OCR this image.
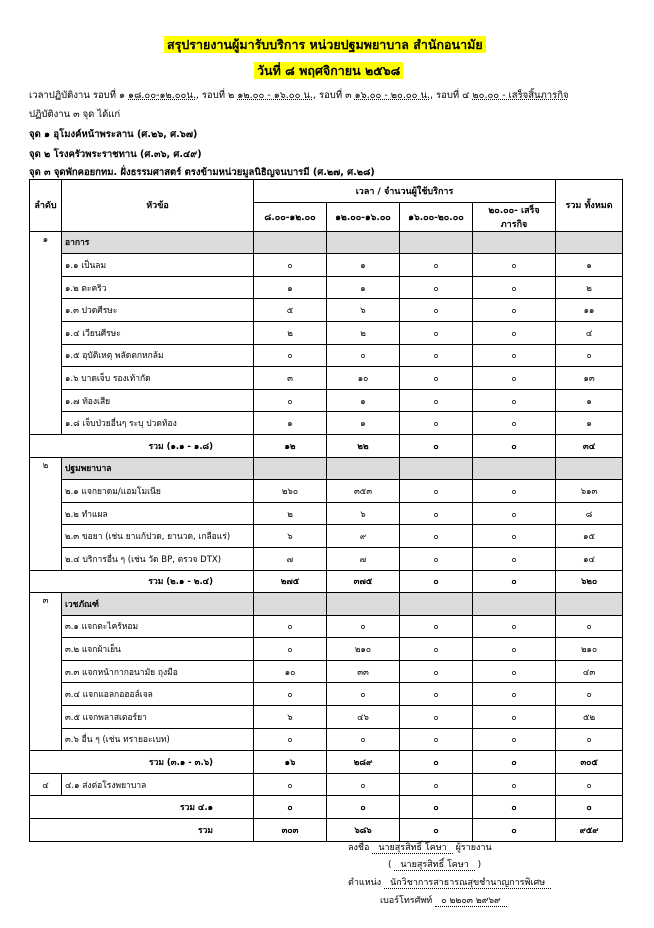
สรุปรายงานผู้มารับบริการ หน่วยปฐมพยาบาล สำนักอนามัย
วันที่ ๘ พฤศจิกายน ๒๕๖๘
เวลาปฏิบัติงาน รอบที่ ๑ ๑๘.๐๐-๑๒.๐๐น., รอบที่ ๒ ๑๒.๐๐ - ๑๖.๐๐ น., รอบที่ ๓ ๑๖.๐๐ - ๒๐.๐๐ น., รอบที่ ๔ ๒๐.๐๐ - เสร็จสิ้นภารกิจ
ปฏิบัติงาน ๓ จุด ได้แก่
จุด ๑ อุโมงค์หน้าพระลาน (ศ.๒๖, ศ.๖๗)
จุด ๒ โรงครัวพระราชทาน (ศ.๓๖, ศ.๔๙)
จุด ๓ จุดพักคอยกทม. ฝั่งธรรมศาสตร์ ตรงข้ามหน่วยมูลนิธิญจนบารมี (ศ.๒๗, ศ.๒๘)
ลำดับ	หัวข้อ	เวลา / จำนวนผู้ใช้บริการ				รวม ทั้งหมด
		๘.๐๐-๑๒.๐๐	๑๒.๐๐-๑๖.๐๐	๑๖.๐๐-๒๐.๐๐	๒๐.๐๐- เสร็จภารกิจ	
๑	อาการ					
	๑.๑ เป็นลม	๐	๑	๐	๐	๑
	๑.๒ ตะคริว	๑	๑	๐	๐	๒
	๑.๓ ปวดศีรษะ	๕	๖	๐	๐	๑๑
	๑.๔ เวียนศีรษะ	๒	๒	๐	๐	๔
	๑.๕ อุบัติเหตุ พลัดตกหกล้ม	๐	๐	๐	๐	๐
	๑.๖ บาดเจ็บ รองเท้ากัด	๓	๑๐	๐	๐	๑๓
	๑.๗ ท้องเสีย	๐	๑	๐	๐	๑
	๑.๘ เจ็บป่วยอื่นๆ ระบุ ปวดท้อง	๑	๑	๐	๐	๑
รวม (๑.๑ - ๑.๘)		๑๒	๒๒	๐	๐	๓๔
๒	ปฐมพยาบาล					
	๒.๑ แจกยาดม/แอมโมเนีย	๒๖๐	๓๕๓	๐	๐	๖๑๓
	๒.๒ ทำแผล	๒	๖	๐	๐	๘
	๒.๓ ขอยา (เช่น ยาแก้ปวด, ยานวด, เกลือแร่)	๖	๙	๐	๐	๑๕
	๒.๔ บริการอื่น ๆ (เช่น วัด BP, ตรวจ DTX)	๗	๗	๐	๐	๑๔
รวม (๒.๑ - ๒.๔)		๒๗๕	๓๗๕	๐	๐	๖๒๐
๓	เวชภัณฑ์					
	๓.๑ แจกตะไคร้หอม	๐	๐	๐	๐	๐
	๓.๒ แจกผ้าเย็น	๐	๒๑๐	๐	๐	๒๑๐
	๓.๓ แจกหน้ากากอนามัย ถุงมือ	๑๐	๓๓	๐	๐	๔๓
	๓.๔ แจกแอลกอฮอล์เจล	๐	๐	๐	๐	๐
	๓.๕ แจกพลาสเตอร์ยา	๖	๔๖	๐	๐	๕๒
	๓.๖ อื่น ๆ (เช่น ทรายอะเบท)	๐	๐	๐	๐	๐
รวม (๓.๑ - ๓.๖)		๑๖	๒๘๙	๐	๐	๓๐๕
๔	๔.๑ ส่งต่อโรงพยาบาล	๐	๐	๐	๐	๐
รวม ๔.๑		๐	๐	๐	๐	๐
รวม		๓๐๓	๖๘๖	๐	๐	๙๕๙
ลงชื่อ นายสุรสิทธิ์ โคษา ผู้รายงาน
( นายสุรสิทธิ์ โคษา )
ตำแหน่ง นักวิชาการสาธารณสุขชำนาญการพิเศษ
เบอร์โทรศัพท์ ๐ ๒๒๐๓ ๒๙๖๙
